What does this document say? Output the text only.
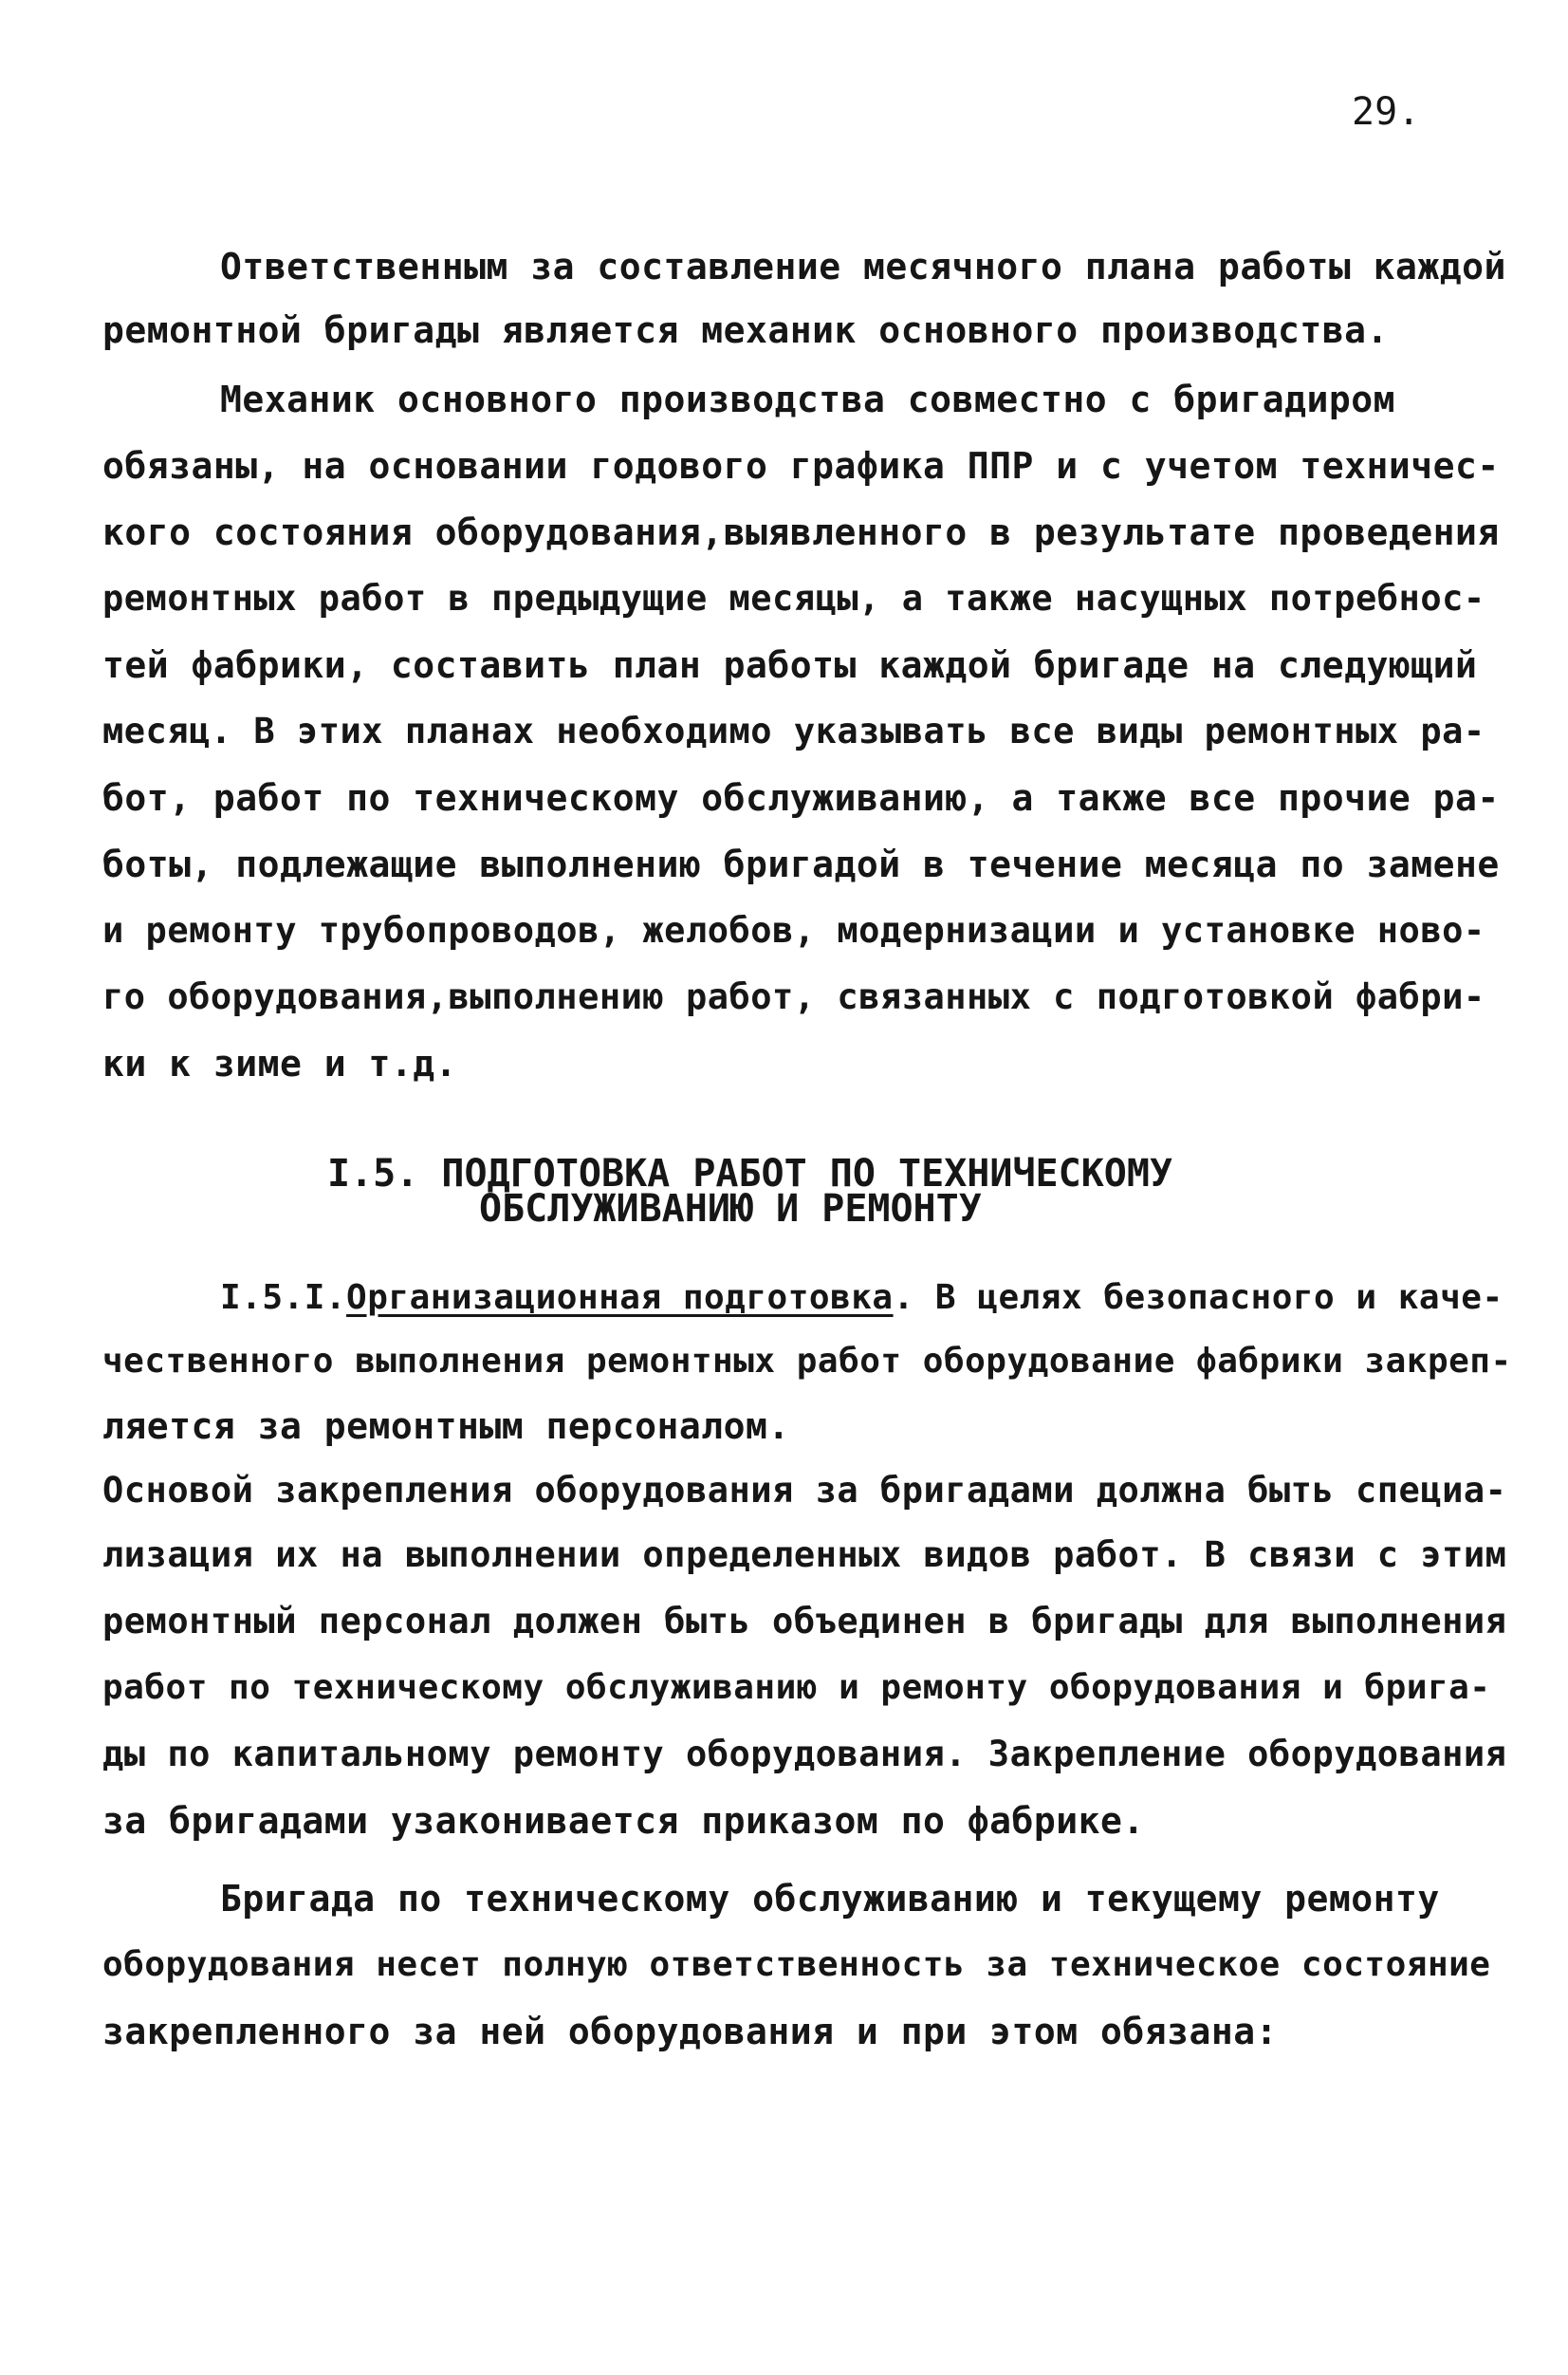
29.
Ответственным за составление месячного плана работы каждой
ремонтной бригады является механик основного производства.
Механик основного производства совместно с бригадиром
обязаны, на основании годового графика ППР и с учетом техничес-
кого состояния оборудования,выявленного в результате проведения
ремонтных работ в предыдущие месяцы, а также насущных потребнос-
тей фабрики, составить план работы каждой бригаде на следующий
месяц. В этих планах необходимо указывать все виды ремонтных ра-
бот, работ по техническому обслуживанию, а также все прочие ра-
боты, подлежащие выполнению бригадой в течение месяца по замене
и ремонту трубопроводов, желобов, модернизации и установке ново-
го оборудования,выполнению работ, связанных с подготовкой фабри-
ки к зиме и т.д.
I.5. ПОДГОТОВКА РАБОТ ПО ТЕХНИЧЕСКОМУ
ОБСЛУЖИВАНИЮ И РЕМОНТУ
I.5.I.Организационная подготовка. В целях безопасного и каче-
чественного выполнения ремонтных работ оборудование фабрики закреп-
ляется за ремонтным персоналом.
Основой закрепления оборудования за бригадами должна быть специа-
лизация их на выполнении определенных видов работ. В связи с этим
ремонтный персонал должен быть объединен в бригады для выполнения
работ по техническому обслуживанию и ремонту оборудования и брига-
ды по капитальному ремонту оборудования. Закрепление оборудования
за бригадами узаконивается приказом по фабрике.
Бригада по техническому обслуживанию и текущему ремонту
оборудования несет полную ответственность за техническое состояние
закрепленного за ней оборудования и при этом обязана:
